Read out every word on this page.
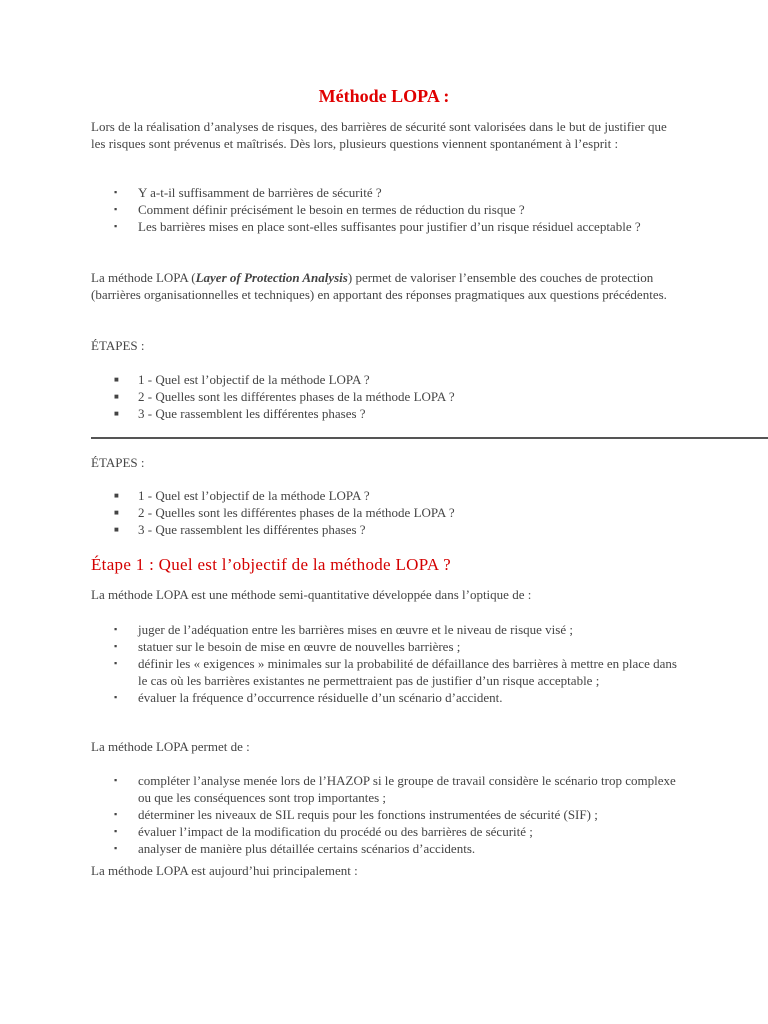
Méthode LOPA :

Lors de la réalisation d’analyses de risques, des barrières de sécurité sont valorisées dans le but de justifier que les risques sont prévenus et maîtrisés. Dès lors, plusieurs questions viennent spontanément à l’esprit :

▪ Y a-t-il suffisamment de barrières de sécurité ?
▪ Comment définir précisément le besoin en termes de réduction du risque ?
▪ Les barrières mises en place sont-elles suffisantes pour justifier d’un risque résiduel acceptable ?

La méthode LOPA (Layer of Protection Analysis) permet de valoriser l’ensemble des couches de protection (barrières organisationnelles et techniques) en apportant des réponses pragmatiques aux questions précédentes.

ÉTAPES :

■ 1 - Quel est l’objectif de la méthode LOPA ?
■ 2 - Quelles sont les différentes phases de la méthode LOPA ?
■ 3 - Que rassemblent les différentes phases ?

ÉTAPES :

■ 1 - Quel est l’objectif de la méthode LOPA ?
■ 2 - Quelles sont les différentes phases de la méthode LOPA ?
■ 3 - Que rassemblent les différentes phases ?
Étape 1 : Quel est l’objectif de la méthode LOPA ?

La méthode LOPA est une méthode semi-quantitative développée dans l’optique de :

▪ juger de l’adéquation entre les barrières mises en œuvre et le niveau de risque visé ;
▪ statuer sur le besoin de mise en œuvre de nouvelles barrières ;
▪ définir les « exigences » minimales sur la probabilité de défaillance des barrières à mettre en place dans le cas où les barrières existantes ne permettraient pas de justifier d’un risque acceptable ;
▪ évaluer la fréquence d’occurrence résiduelle d’un scénario d’accident.

La méthode LOPA permet de :

▪ compléter l’analyse menée lors de l’HAZOP si le groupe de travail considère le scénario trop complexe ou que les conséquences sont trop importantes ;
▪ déterminer les niveaux de SIL requis pour les fonctions instrumentées de sécurité (SIF) ;
▪ évaluer l’impact de la modification du procédé ou des barrières de sécurité ;
▪ analyser de manière plus détaillée certains scénarios d’accidents.

La méthode LOPA est aujourd’hui principalement :
